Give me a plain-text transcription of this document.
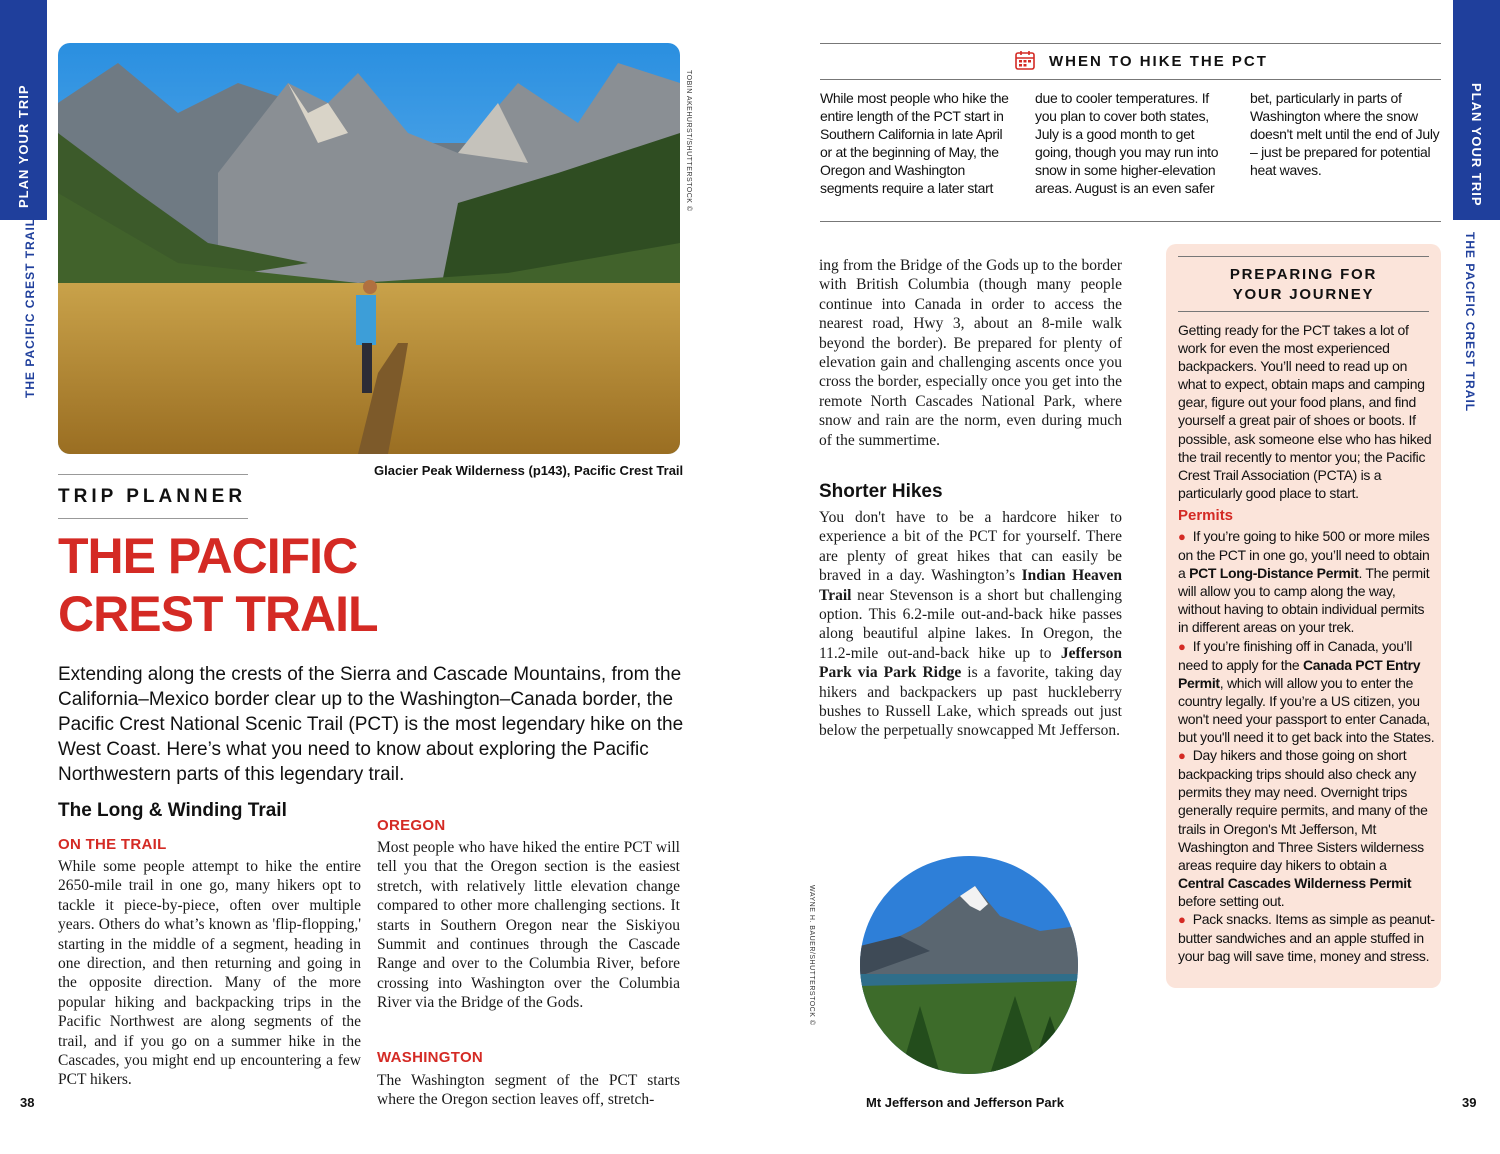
PLAN YOUR TRIP
THE PACIFIC CREST TRAIL
PLAN YOUR TRIP
THE PACIFIC CREST TRAIL
TOBIN AKEHURST/SHUTTERSTOCK ©
Glacier Peak Wilderness (p143), Pacific Crest Trail
TRIP PLANNER
THE PACIFIC
CREST TRAIL
Extending along the crests of the Sierra and Cascade Mountains, from the California–Mexico border clear up to the Washington–Canada border, the Pacific Crest National Scenic Trail (PCT) is the most legendary hike on the West Coast. Here’s what you need to know about exploring the Pacific Northwestern parts of this legendary trail.
The Long & Winding Trail
ON THE TRAIL
While some people attempt to hike the entire 2650-mile trail in one go, many hikers opt to tackle it piece-by-piece, often over multiple years. Others do what’s known as 'flip-flopping,' starting in the middle of a segment, heading in one direction, and then returning and going in the opposite direction. Many of the more popular hiking and backpacking trips in the Pacific Northwest are along segments of the trail, and if you go on a summer hike in the Cascades, you might end up encountering a few PCT hikers.
OREGON
Most people who have hiked the entire PCT will tell you that the Oregon section is the easiest stretch, with relatively little elevation change compared to other more challenging sections. It starts in Southern Oregon near the Siskiyou Summit and continues through the Cascade Range and over to the Columbia River, before crossing into Washington over the Columbia River via the Bridge of the Gods.
WASHINGTON
The Washington segment of the PCT starts where the Oregon section leaves off, stretch-
38
WHEN TO HIKE THE PCT
While most people who hike the entire length of the PCT start in Southern California in late April or at the beginning of May, the Oregon and Washington segments require a later start
due to cooler temperatures. If you plan to cover both states, July is a good month to get going, though you may run into snow in some higher-elevation areas. August is an even safer
bet, particularly in parts of Washington where the snow doesn't melt until the end of July – just be prepared for potential heat waves.
ing from the Bridge of the Gods up to the border with British Columbia (though many people continue into Canada in order to access the nearest road, Hwy 3, about an 8-mile walk beyond the border). Be prepared for plenty of elevation gain and challenging ascents once you cross the border, especially once you get into the remote North Cascades National Park, where snow and rain are the norm, even during much of the summertime.
Shorter Hikes
You don't have to be a hardcore hiker to experience a bit of the PCT for yourself. There are plenty of great hikes that can easily be braved in a day. Washington’s Indian Heaven Trail near Stevenson is a short but challenging option. This 6.2-mile out-and-back hike passes along beautiful alpine lakes. In Oregon, the 11.2-mile out-and-back hike up to Jefferson Park via Park Ridge is a favorite, taking day hikers and backpackers up past huckleberry bushes to Russell Lake, which spreads out just below the perpetually snowcapped Mt Jefferson.
WAYNE H. BAUER/SHUTTERSTOCK ©
Mt Jefferson and Jefferson Park	39
PREPARING FOR
YOUR JOURNEY
Getting ready for the PCT takes a lot of work for even the most experienced backpackers. You’ll need to read up on what to expect, obtain maps and camping gear, figure out your food plans, and find yourself a great pair of shoes or boots. If possible, ask someone else who has hiked the trail recently to mentor you; the Pacific Crest Trail Association (PCTA) is a particularly good place to start.
Permits
● If you’re going to hike 500 or more miles on the PCT in one go, you’ll need to obtain a PCT Long-Distance Permit. The permit will allow you to camp along the way, without having to obtain individual permits in different areas on your trek.
● If you’re finishing off in Canada, you’ll need to apply for the Canada PCT Entry Permit, which will allow you to enter the country legally. If you’re a US citizen, you won't need your passport to enter Canada, but you'll need it to get back into the States.
● Day hikers and those going on short backpacking trips should also check any permits they may need. Overnight trips generally require permits, and many of the trails in Oregon's Mt Jefferson, Mt Washington and Three Sisters wilderness areas require day hikers to obtain a Central Cascades Wilderness Permit before setting out.
● Pack snacks. Items as simple as peanut-butter sandwiches and an apple stuffed in your bag will save time, money and stress.
